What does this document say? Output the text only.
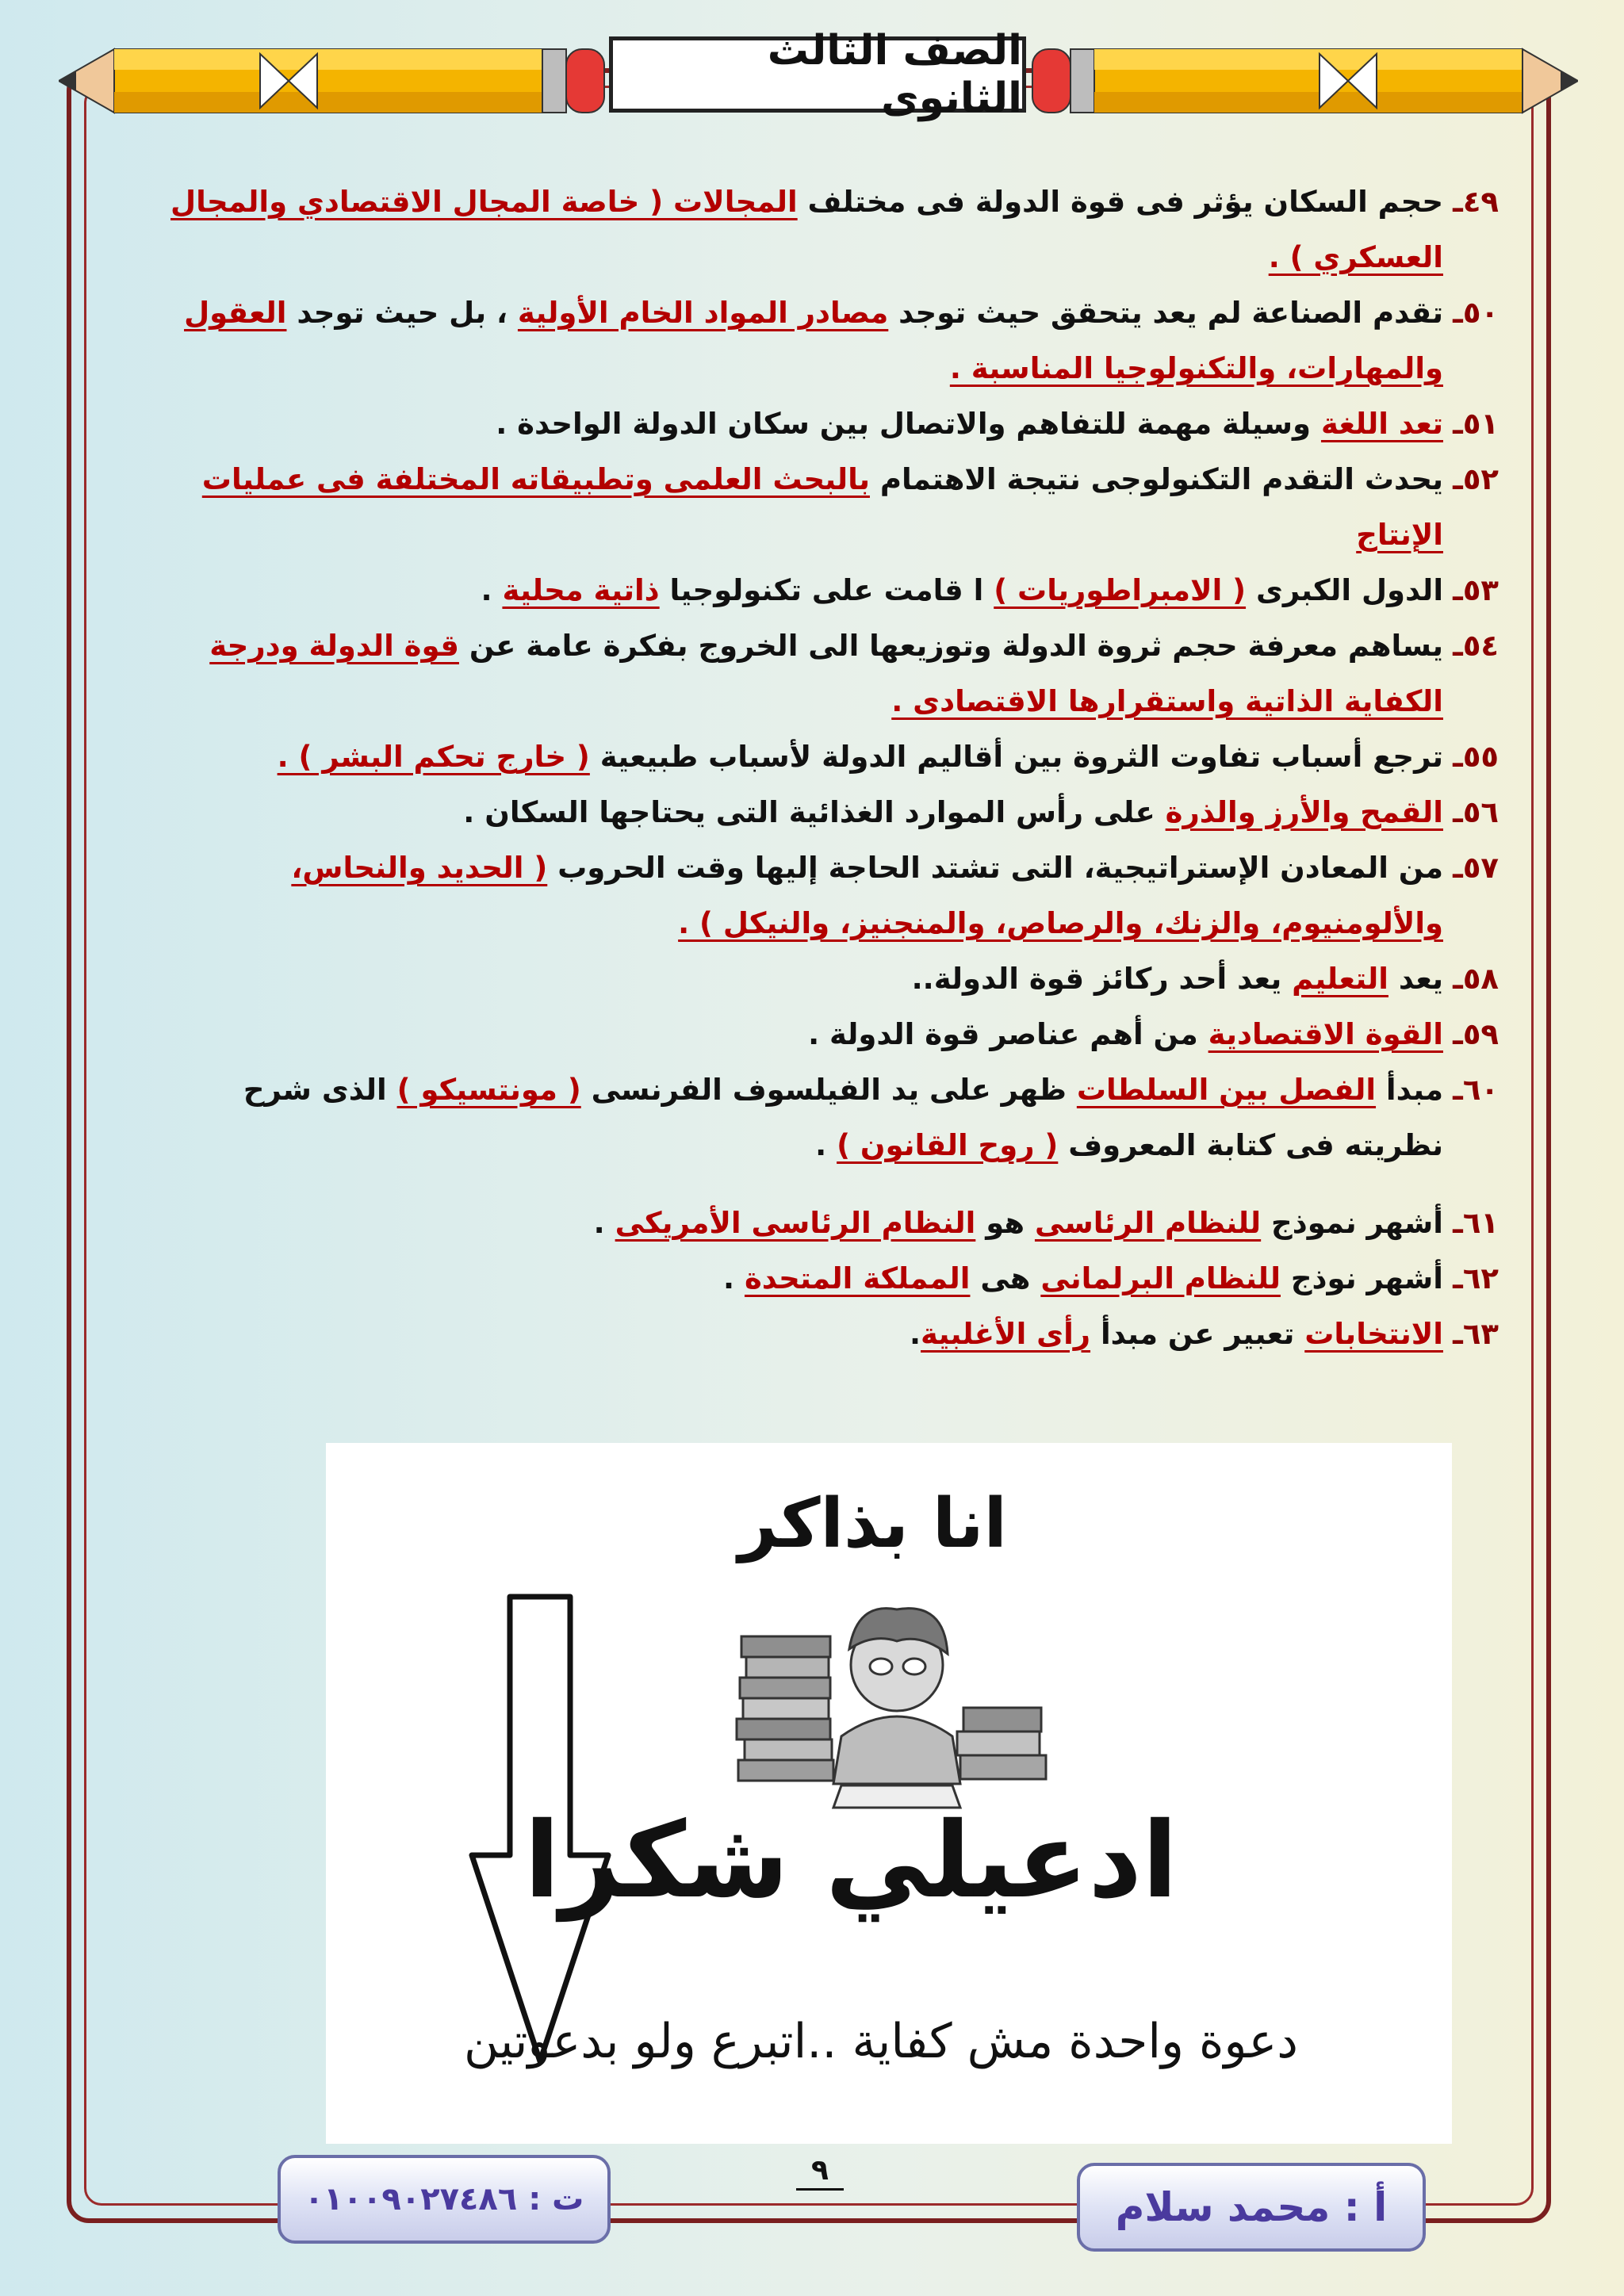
الصف الثالث الثانوى

٤٩ـ
حجم السكان يؤثر فى قوة الدولة فى مختلف المجالات ( خاصة المجال الاقتصادي والمجال العسكري ) .

٥٠ـ
تقدم الصناعة لم يعد يتحقق حيث توجد مصادر المواد الخام الأولية ، بل حيث توجد العقول والمهارات، والتكنولوجيا المناسبة .

٥١ـ
تعد اللغة وسيلة مهمة للتفاهم والاتصال بين سكان الدولة الواحدة .

٥٢ـ
يحدث التقدم التكنولوجى نتيجة الاهتمام بالبحث العلمى وتطبيقاته المختلفة فى عمليات الإنتاج

٥٣ـ
الدول الكبرى ( الامبراطوريات ) ا قامت على تكنولوجيا ذاتية محلية .

٥٤ـ
يساهم معرفة حجم ثروة الدولة وتوزيعها الى الخروج بفكرة عامة عن قوة الدولة ودرجة الكفاية الذاتية واستقرارها الاقتصادى .

٥٥ـ
ترجع أسباب تفاوت الثروة بين أقاليم الدولة لأسباب طبيعية ( خارج تحكم البشر ) .

٥٦ـ
القمح والأرز والذرة على رأس الموارد الغذائية التى يحتاجها السكان .

٥٧ـ
من المعادن الإستراتيجية، التى تشتد الحاجة إليها وقت الحروب ( الحديد والنحاس، والألومنيوم، والزنك، والرصاص، والمنجنيز، والنيكل ) .

٥٨ـ
يعد التعليم يعد أحد ركائز قوة الدولة..

٥٩ـ
القوة الاقتصادية من أهم عناصر قوة الدولة .

٦٠ـ
مبدأ الفصل بين السلطات ظهر على يد الفيلسوف الفرنسى ( مونتسيكو ) الذى شرح نظريته فى كتابة المعروف ( روح القانون ) .

٦١ـ
أشهر نموذج للنظام الرئاسى هو النظام الرئاسى الأمريكى .

٦٢ـ
أشهر نوذج للنظام البرلمانى هى المملكة المتحدة .

٦٣ـ
الانتخابات تعبير عن مبدأ رأى الأغلبية.

انا بذاكر
ادعيلي شكرا
دعوة واحدة مش كفاية ..اتبرع ولو بدعوتين
ت : ٠١٠٠٩٠٢٧٤٨٦
٩
أ : محمد سلام
